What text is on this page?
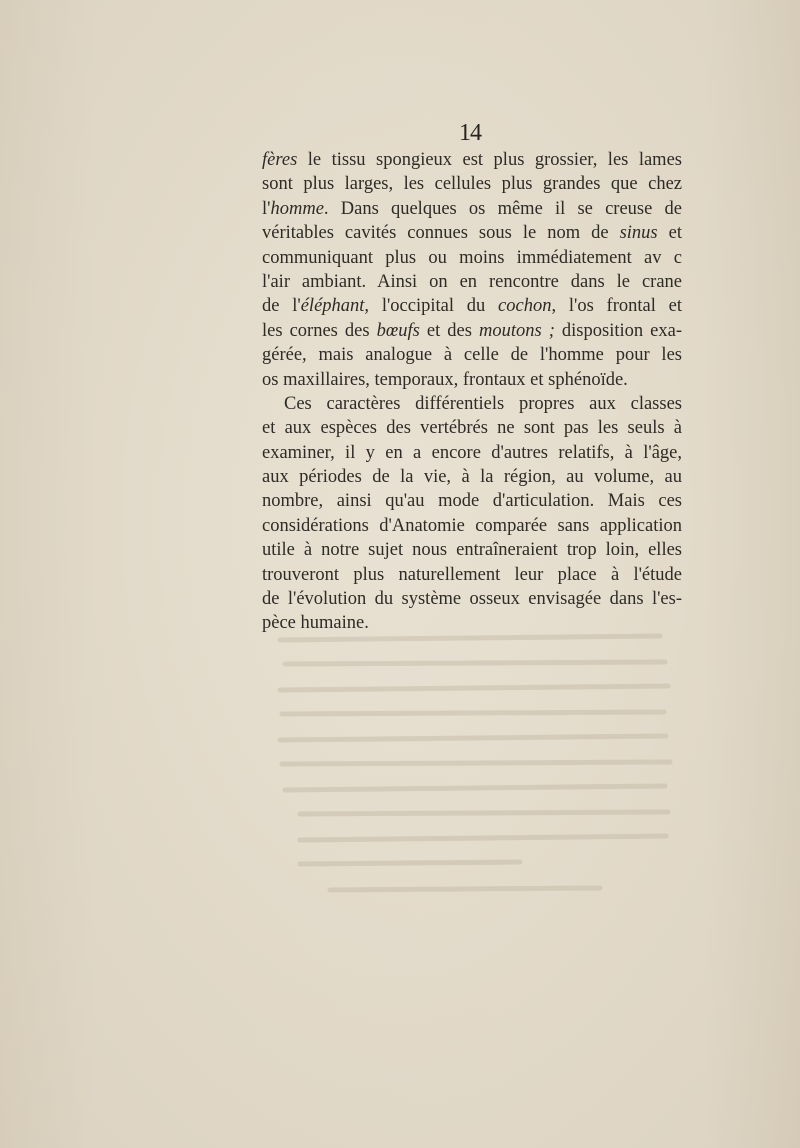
14
fères le tissu spongieux est plus grossier, les lames
sont plus larges, les cellules plus grandes que chez
l'homme. Dans quelques os même il se creuse de
véritables cavités connues sous le nom de sinus et
communiquant plus ou moins immédiatement av c
l'air ambiant. Ainsi on en rencontre dans le crane
de l'éléphant, l'occipital du cochon, l'os frontal et
les cornes des bœufs et des moutons ; disposition exa-
gérée, mais analogue à celle de l'homme pour les
os maxillaires, temporaux, frontaux et sphénoïde.
Ces caractères différentiels propres aux classes
et aux espèces des vertébrés ne sont pas les seuls à
examiner, il y en a encore d'autres relatifs, à l'âge,
aux périodes de la vie, à la région, au volume, au
nombre, ainsi qu'au mode d'articulation. Mais ces
considérations d'Anatomie comparée sans application
utile à notre sujet nous entraîneraient trop loin, elles
trouveront plus naturellement leur place à l'étude
de l'évolution du système osseux envisagée dans l'es-
pèce humaine.
